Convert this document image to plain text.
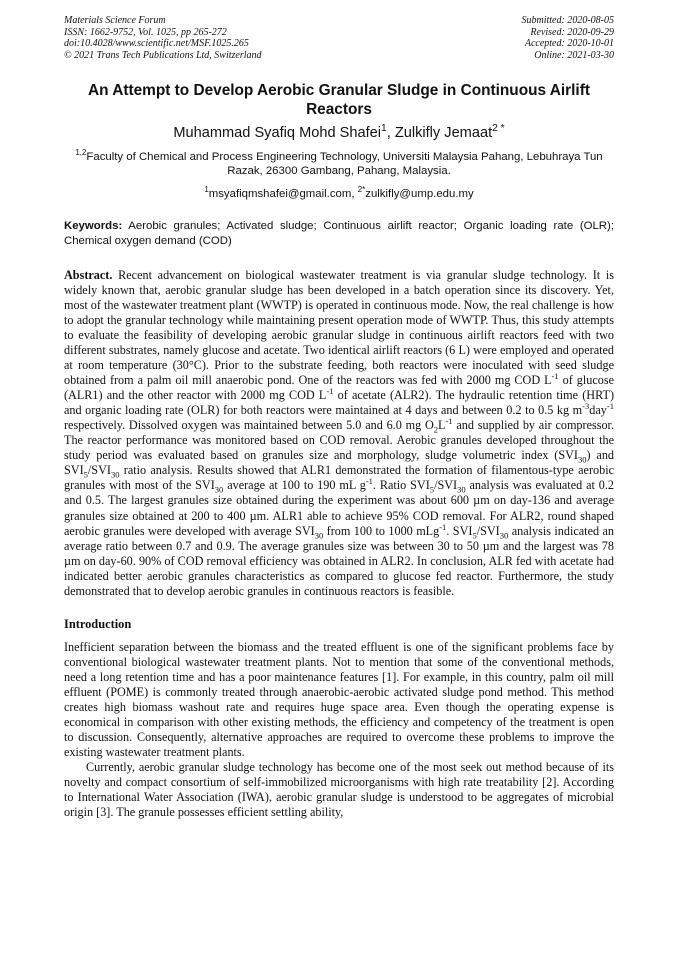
Materials Science Forum
ISSN: 1662-9752, Vol. 1025, pp 265-272
doi:10.4028/www.scientific.net/MSF.1025.265
© 2021 Trans Tech Publications Ltd, Switzerland
Submitted: 2020-08-05
Revised: 2020-09-29
Accepted: 2020-10-01
Online: 2021-03-30
An Attempt to Develop Aerobic Granular Sludge in Continuous Airlift Reactors
Muhammad Syafiq Mohd Shafei$^1$, Zulkifly Jemaat$^{2 *}$
$^{1,2}$Faculty of Chemical and Process Engineering Technology, Universiti Malaysia Pahang, Lebuhraya Tun Razak, 26300 Gambang, Pahang, Malaysia.
$^1$msyafiqmshafei@gmail.com, $^{2*}$zulkifly@ump.edu.my
Keywords: Aerobic granules; Activated sludge; Continuous airlift reactor; Organic loading rate (OLR); Chemical oxygen demand (COD)
Abstract. Recent advancement on biological wastewater treatment is via granular sludge technology. It is widely known that, aerobic granular sludge has been developed in a batch operation since its discovery. Yet, most of the wastewater treatment plant (WWTP) is operated in continuous mode. Now, the real challenge is how to adopt the granular technology while maintaining present operation mode of WWTP. Thus, this study attempts to evaluate the feasibility of developing aerobic granular sludge in continuous airlift reactors feed with two different substrates, namely glucose and acetate. Two identical airlift reactors (6 L) were employed and operated at room temperature (30°C). Prior to the substrate feeding, both reactors were inoculated with seed sludge obtained from a palm oil mill anaerobic pond. One of the reactors was fed with 2000 mg COD $L^{-1}$ of glucose (ALR1) and the other reactor with 2000 mg COD $L^{-1}$ of acetate (ALR2). The hydraulic retention time (HRT) and organic loading rate (OLR) for both reactors were maintained at 4 days and between 0.2 to 0.5 kg $m^{-3}day^{-1}$ respectively. Dissolved oxygen was maintained between 5.0 and 6.0 mg $O_2L^{-1}$ and supplied by air compressor. The reactor performance was monitored based on COD removal. Aerobic granules developed throughout the study period was evaluated based on granules size and morphology, sludge volumetric index $(SVI_{30})$ and $SVI_5/SVI_{30}$ ratio analysis. Results showed that ALR1 demonstrated the formation of filamentous-type aerobic granules with most of the $SVI_{30}$ average at 100 to 190 mL $g^{-1}$. Ratio $SVI_5/SVI_{30}$ analysis was evaluated at 0.2 and 0.5. The largest granules size obtained during the experiment was about 600 µm on day-136 and average granules size obtained at 200 to 400 µm. ALR1 able to achieve 95% COD removal. For ALR2, round shaped aerobic granules were developed with average $SVI_{30}$ from 100 to 1000 mLg$^{-1}$. $SVI_5/SVI_{30}$ analysis indicated an average ratio between 0.7 and 0.9. The average granules size was between 30 to 50 µm and the largest was 78 µm on day-60. 90% of COD removal efficiency was obtained in ALR2. In conclusion, ALR fed with acetate had indicated better aerobic granules characteristics as compared to glucose fed reactor. Furthermore, the study demonstrated that to develop aerobic granules in continuous reactors is feasible.
Introduction
Inefficient separation between the biomass and the treated effluent is one of the significant problems face by conventional biological wastewater treatment plants. Not to mention that some of the conventional methods, need a long retention time and has a poor maintenance features [1]. For example, in this country, palm oil mill effluent (POME) is commonly treated through anaerobic-aerobic activated sludge pond method. This method creates high biomass washout rate and requires huge space area. Even though the operating expense is economical in comparison with other existing methods, the efficiency and competency of the treatment is open to discussion. Consequently, alternative approaches are required to overcome these problems to improve the existing wastewater treatment plants.
Currently, aerobic granular sludge technology has become one of the most seek out method because of its novelty and compact consortium of self-immobilized microorganisms with high rate treatability [2]. According to International Water Association (IWA), aerobic granular sludge is understood to be aggregates of microbial origin [3]. The granule possesses efficient settling ability,
